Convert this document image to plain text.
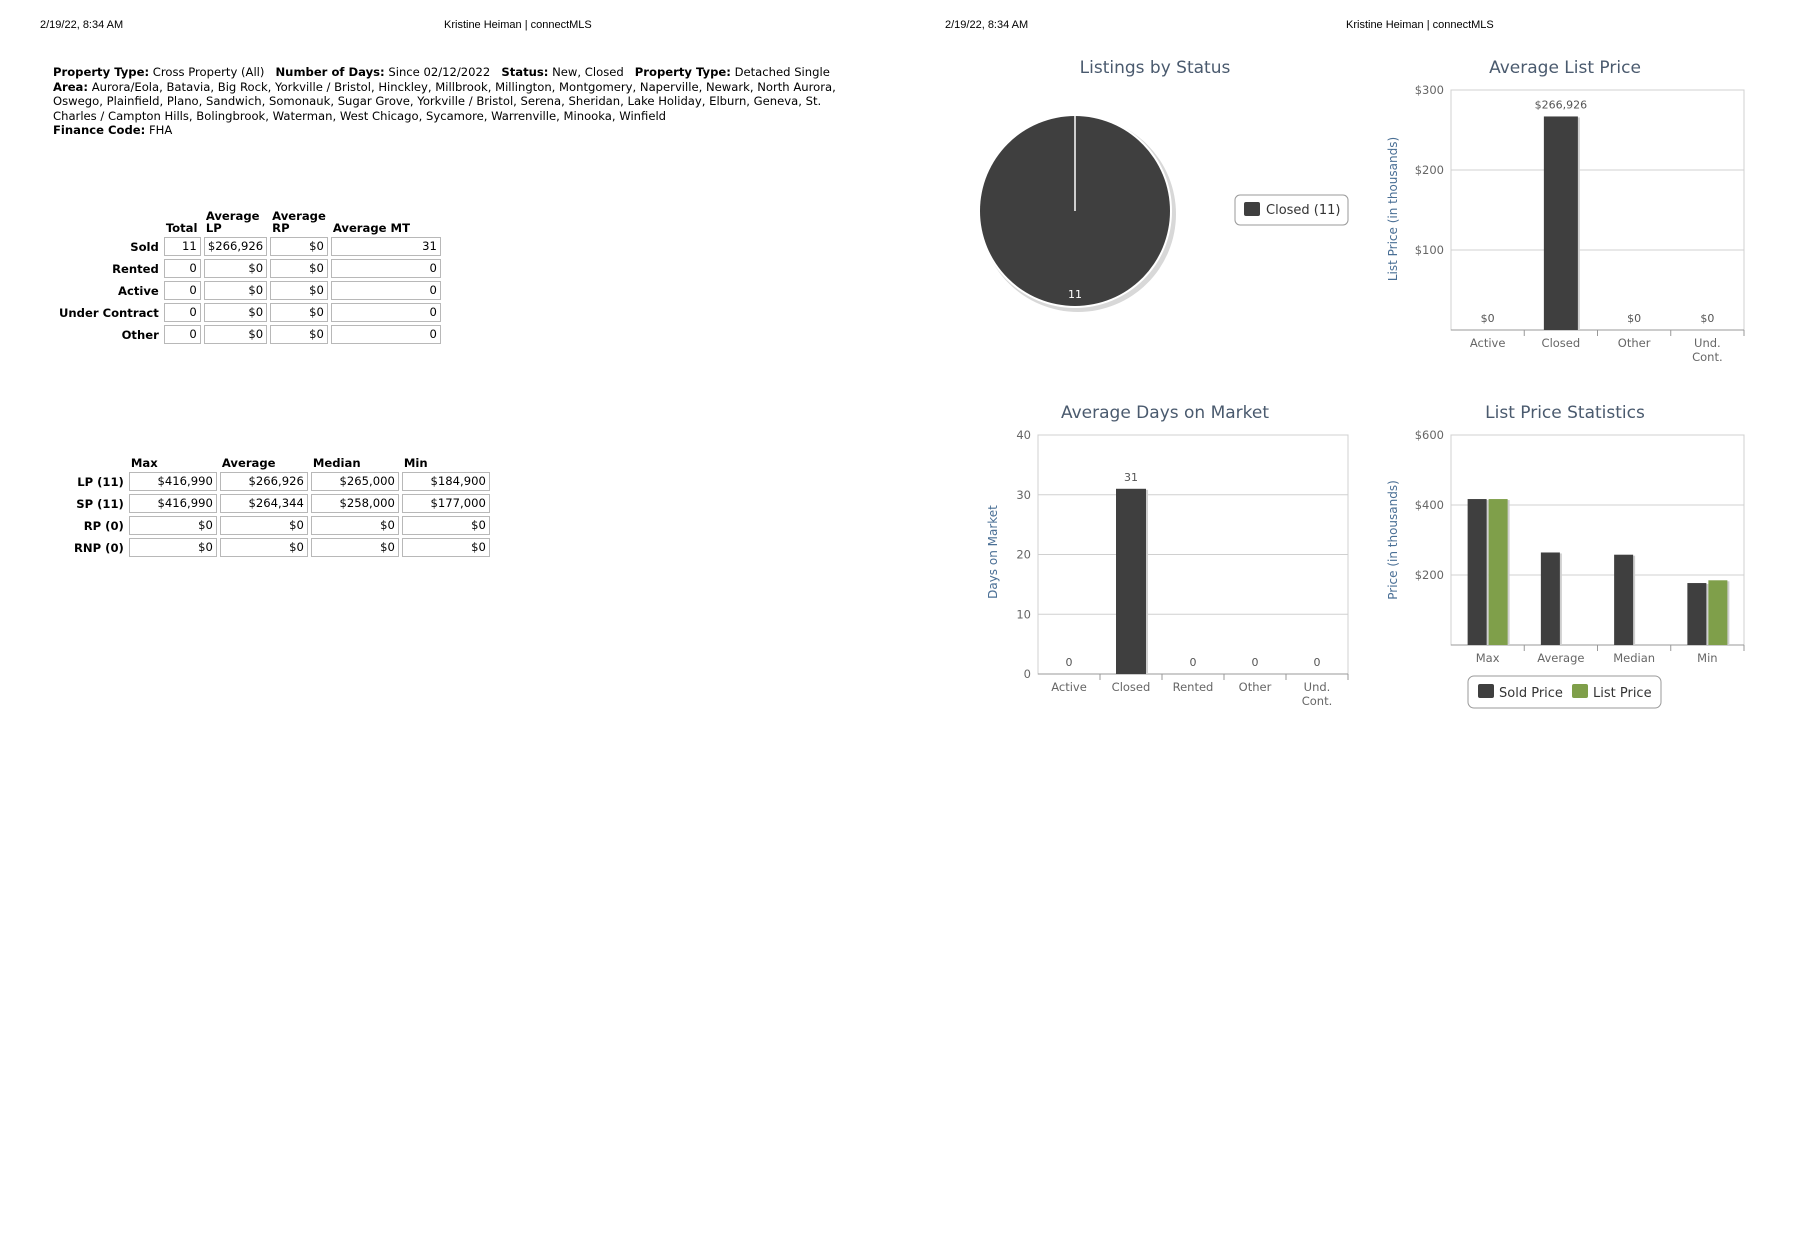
2/19/22, 8:34 AM	Kristine Heiman | connectMLS
Property Type: Cross Property (All) Number of Days: Since 02/12/2022 Status: New, Closed Property Type: Detached Single   Area: Aurora/Eola, Batavia, Big Rock, Yorkville / Bristol, Hinckley, Millbrook, Millington, Montgomery, Naperville, Newark, North Aurora, Oswego, Plainfield, Plano, Sandwich, Somonauk, Sugar Grove, Yorkville / Bristol, Serena, Sheridan, Lake Holiday, Elburn, Geneva, St. Charles / Campton Hills, Bolingbrook, Waterman, West Chicago, Sycamore, Warrenville, Minooka, Winfield
Finance Code: FHA
	Total	Average LP	Average RP	Average MT
Sold	11	$266,926	$0	31
Rented	0	$0	$0	0
Active	0	$0	$0	0
Under Contract	0	$0	$0	0
Other	0	$0	$0	0
	Max	Average	Median	Min
LP (11)	$416,990	$266,926	$265,000	$184,900
SP (11)	$416,990	$264,344	$258,000	$177,000
RP (0)	$0	$0	$0	$0
RNP (0)	$0	$0	$0	$0
2/19/22, 8:34 AM	Kristine Heiman | connectMLS
Listings by Status
11
Closed (11)
Average List Price
List Price (in thousands) $100
$200
$300
Active	Closed	Other	Und. Cont.
$0
$266,926
$0	$0
Average Days on Market
Days on Market
0
10
20
30
40
Active Closed Rented Other	Und. Cont.
0
31
0	0	0
List Price Statistics
Price (in thousands) $200
$400
$600
Max	Average Median	Min
Sold Price List Price
